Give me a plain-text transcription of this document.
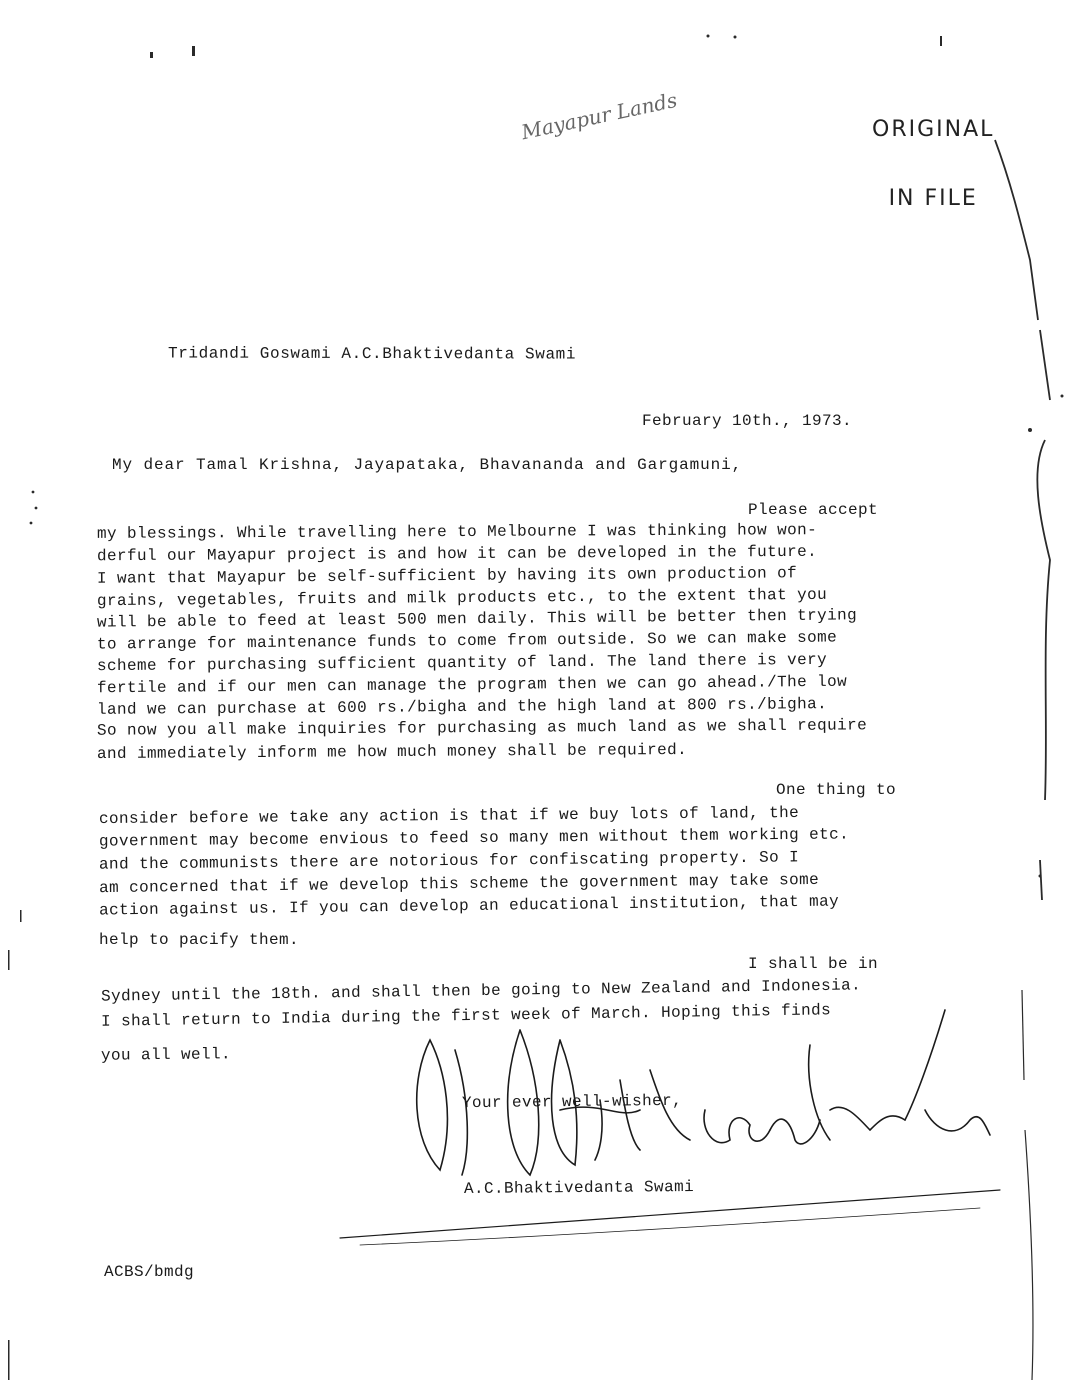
ORIGINAL

IN FILE

Mayapur Lands
Tridandi Goswami A.C.Bhaktivedanta Swami
February 10th., 1973.
My dear Tamal Krishna, Jayapataka, Bhavananda and Gargamuni,
Please accept
my blessings. While travelling here to Melbourne I was thinking how won-
derful our Mayapur project is and how it can be developed in the future.
I want that Mayapur be self-sufficient by having its own production of
grains, vegetables, fruits and milk products etc., to the extent that you
will be able to feed at least 500 men daily. This will be better then trying
to arrange for maintenance funds to come from outside. So we can make some
scheme for purchasing sufficient quantity of land. The land there is very
fertile and if our men can manage the program then we can go ahead./The low
land we can purchase at 600 rs./bigha and the high land at 800 rs./bigha.
So now you all make inquiries for purchasing as much land as we shall require
and immediately inform me how much money shall be required.
One thing to
consider before we take any action is that if we buy lots of land, the
government may become envious to feed so many men without them working etc.
and the communists there are notorious for confiscating property. So I
am concerned that if we develop this scheme the government may take some
action against us. If you can develop an educational institution, that may
help to pacify them.
I shall be in
Sydney until the 18th. and shall then be going to New Zealand and Indonesia.
I shall return to India during the first week of March. Hoping this finds
you all well.
Your ever well-wisher,
A.C.Bhaktivedanta Swami
ACBS/bmdg
